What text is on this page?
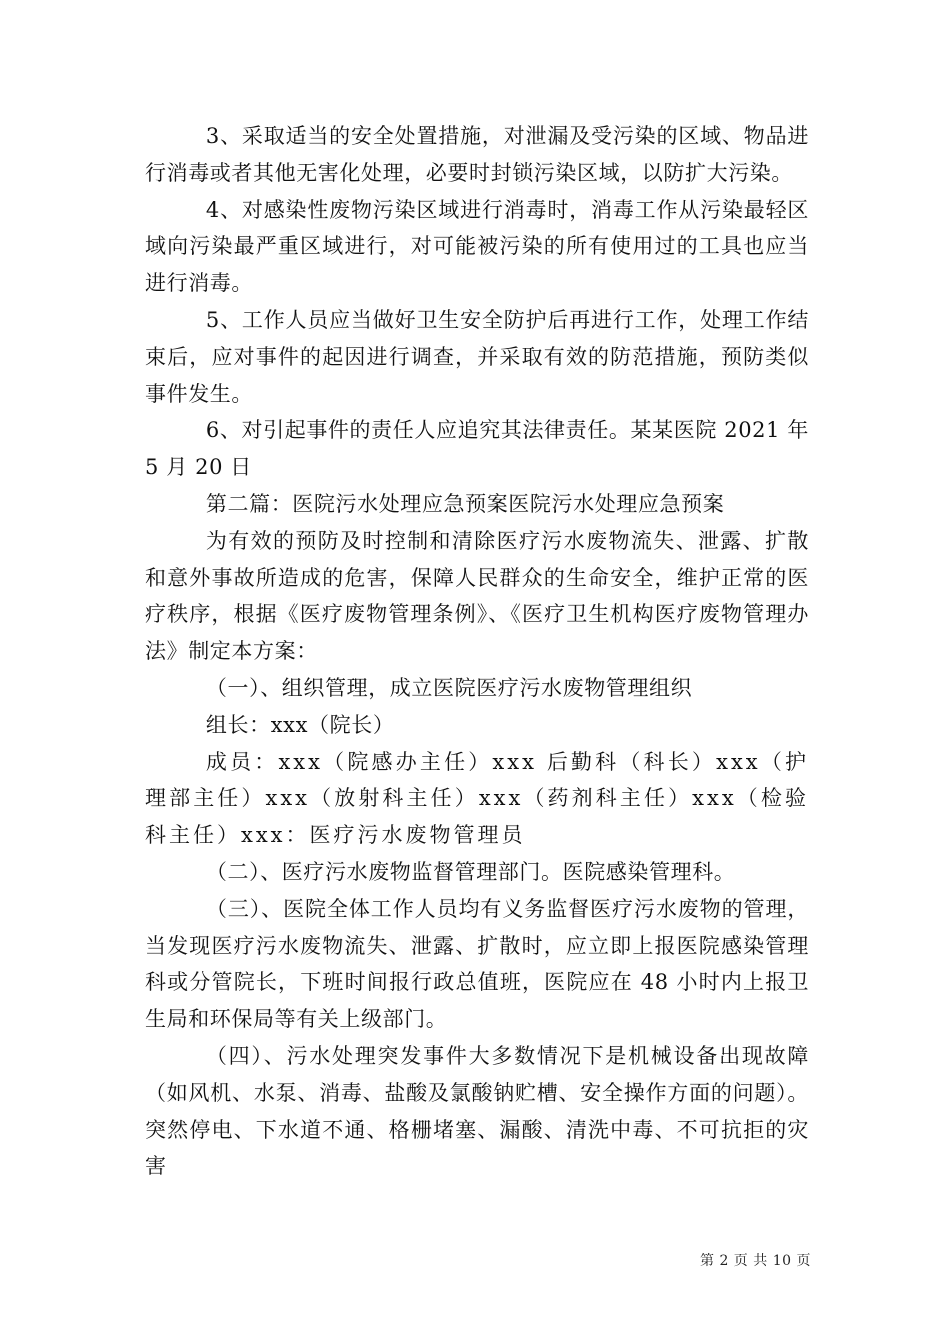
3、采取适当的安全处置措施，对泄漏及受污染的区域、物品进行消毒或者其他无害化处理，必要时封锁污染区域，以防扩大污染。

4、对感染性废物污染区域进行消毒时，消毒工作从污染最轻区域向污染最严重区域进行，对可能被污染的所有使用过的工具也应当进行消毒。

5、工作人员应当做好卫生安全防护后再进行工作，处理工作结束后，应对事件的起因进行调查，并采取有效的防范措施，预防类似事件发生。

6、对引起事件的责任人应追究其法律责任。某某医院 2021 年 5 月 20 日

第二篇：医院污水处理应急预案医院污水处理应急预案

为有效的预防及时控制和清除医疗污水废物流失、泄露、扩散和意外事故所造成的危害，保障人民群众的生命安全，维护正常的医疗秩序，根据《医疗废物管理条例》、《医疗卫生机构医疗废物管理办法》制定本方案：

（一）、组织管理，成立医院医疗污水废物管理组织

组长：xxx（院长）

成员：xxx（院感办主任）xxx 后勤科（科长）xxx（护理部主任）xxx（放射科主任）xxx（药剂科主任）xxx（检验科主任）xxx：医疗污水废物管理员

（二）、医疗污水废物监督管理部门。医院感染管理科。

（三）、医院全体工作人员均有义务监督医疗污水废物的管理，当发现医疗污水废物流失、泄露、扩散时，应立即上报医院感染管理科或分管院长，下班时间报行政总值班，医院应在 48 小时内上报卫生局和环保局等有关上级部门。

（四）、污水处理突发事件大多数情况下是机械设备出现故障（如风机、水泵、消毒、盐酸及氯酸钠贮槽、安全操作方面的问题）。突然停电、下水道不通、格栅堵塞、漏酸、清洗中毒、不可抗拒的灾害

第 2 页 共 10 页
